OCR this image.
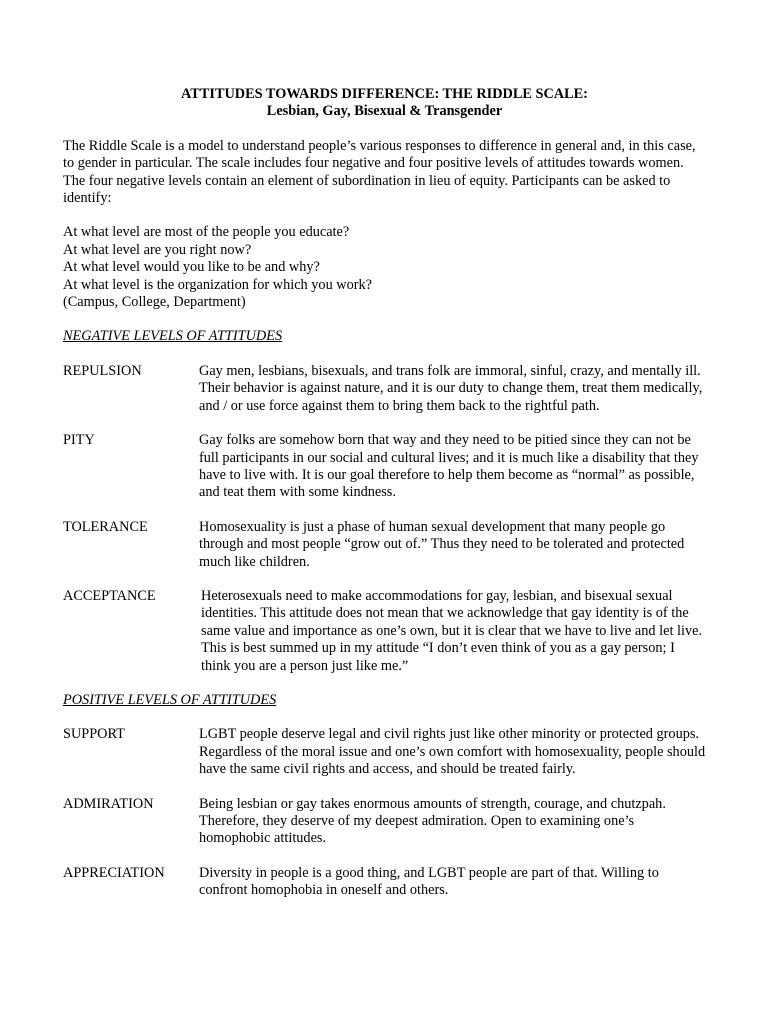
ATTITUDES TOWARDS DIFFERENCE: THE RIDDLE SCALE:
Lesbian, Gay, Bisexual & Transgender

The Riddle Scale is a model to understand people’s various responses to difference in general and, in this case, to gender in particular. The scale includes four negative and four positive levels of attitudes towards women. The four negative levels contain an element of subordination in lieu of equity. Participants can be asked to identify:

At what level are most of the people you educate?
At what level are you right now?
At what level would you like to be and why?
At what level is the organization for which you work?
(Campus, College, Department)
NEGATIVE LEVELS OF ATTITUDES
REPULSION	Gay men, lesbians, bisexuals, and trans folk are immoral, sinful, crazy, and mentally ill. Their behavior is against nature, and it is our duty to change them, treat them medically, and / or use force against them to bring them back to the rightful path.
PITY	Gay folks are somehow born that way and they need to be pitied since they can not be full participants in our social and cultural lives; and it is much like a disability that they have to live with. It is our goal therefore to help them become as “normal” as possible, and teat them with some kindness.
TOLERANCE	Homosexuality is just a phase of human sexual development that many people go through and most people “grow out of.” Thus they need to be tolerated and protected much like children.
ACCEPTANCE	Heterosexuals need to make accommodations for gay, lesbian, and bisexual sexual identities. This attitude does not mean that we acknowledge that gay identity is of the same value and importance as one’s own, but it is clear that we have to live and let live. This is best summed up in my attitude “I don’t even think of you as a gay person; I think you are a person just like me.”
POSITIVE LEVELS OF ATTITUDES
SUPPORT	LGBT people deserve legal and civil rights just like other minority or protected groups. Regardless of the moral issue and one’s own comfort with homosexuality, people should have the same civil rights and access, and should be treated fairly.
ADMIRATION	Being lesbian or gay takes enormous amounts of strength, courage, and chutzpah. Therefore, they deserve of my deepest admiration. Open to examining one’s homophobic attitudes.
APPRECIATION	Diversity in people is a good thing, and LGBT people are part of that. Willing to confront homophobia in oneself and others.
